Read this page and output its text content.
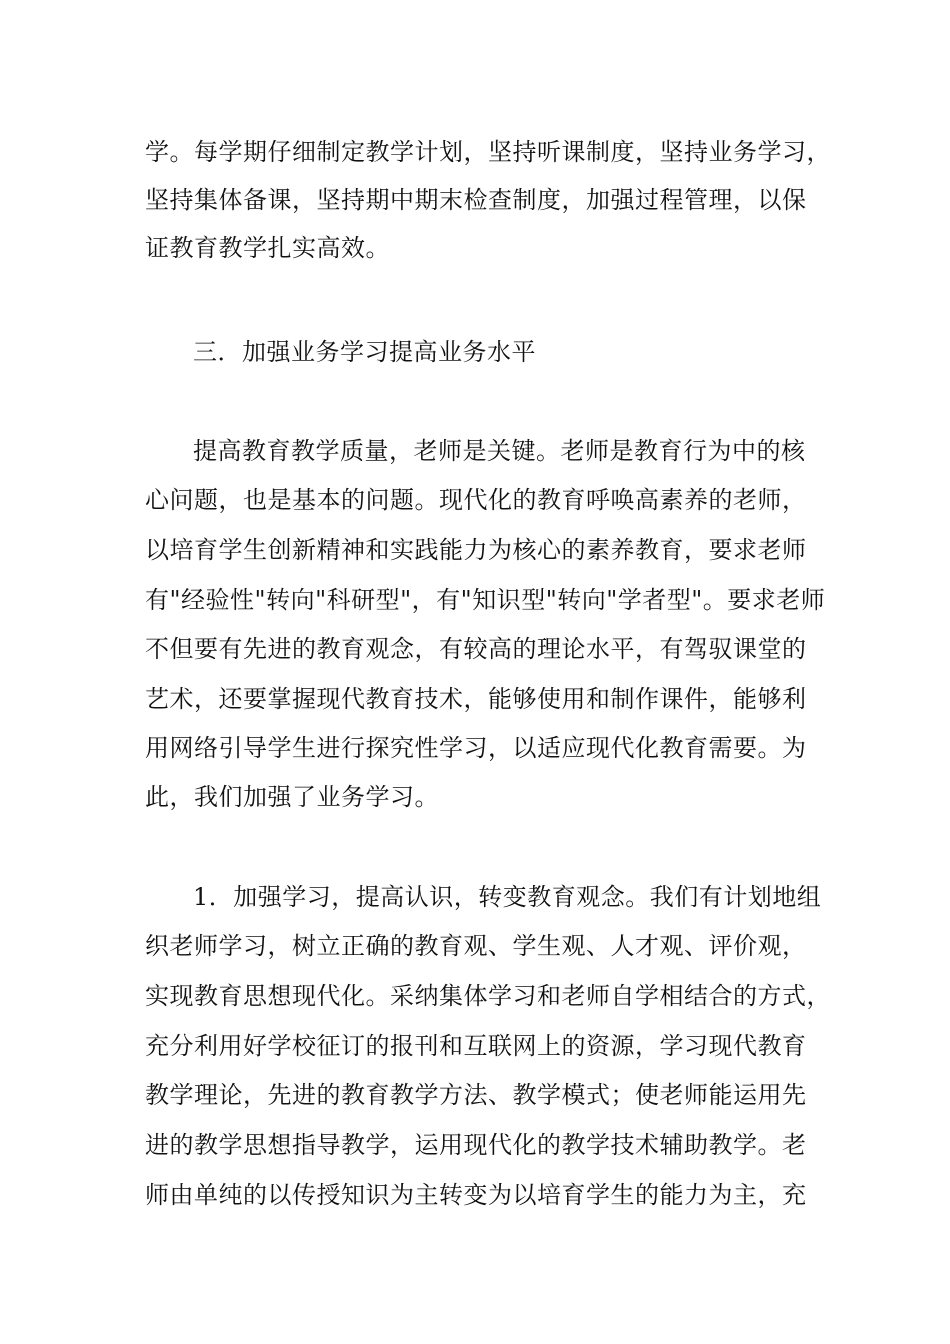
学。每学期仔细制定教学计划，坚持听课制度，坚持业务学习，
坚持集体备课，坚持期中期末检查制度，加强过程管理，以保
证教育教学扎实高效。
三．加强业务学习提高业务水平
提高教育教学质量，老师是关键。老师是教育行为中的核
心问题，也是基本的问题。现代化的教育呼唤高素养的老师，
以培育学生创新精神和实践能力为核心的素养教育，要求老师
有"经验性"转向"科研型"，有"知识型"转向"学者型"。要求老师
不但要有先进的教育观念，有较高的理论水平，有驾驭课堂的
艺术，还要掌握现代教育技术，能够使用和制作课件，能够利
用网络引导学生进行探究性学习，以适应现代化教育需要。为
此，我们加强了业务学习。
1．加强学习，提高认识，转变教育观念。我们有计划地组
织老师学习，树立正确的教育观、学生观、人才观、评价观，
实现教育思想现代化。采纳集体学习和老师自学相结合的方式，
充分利用好学校征订的报刊和互联网上的资源，学习现代教育
教学理论，先进的教育教学方法、教学模式；使老师能运用先
进的教学思想指导教学，运用现代化的教学技术辅助教学。老
师由单纯的以传授知识为主转变为以培育学生的能力为主，充
